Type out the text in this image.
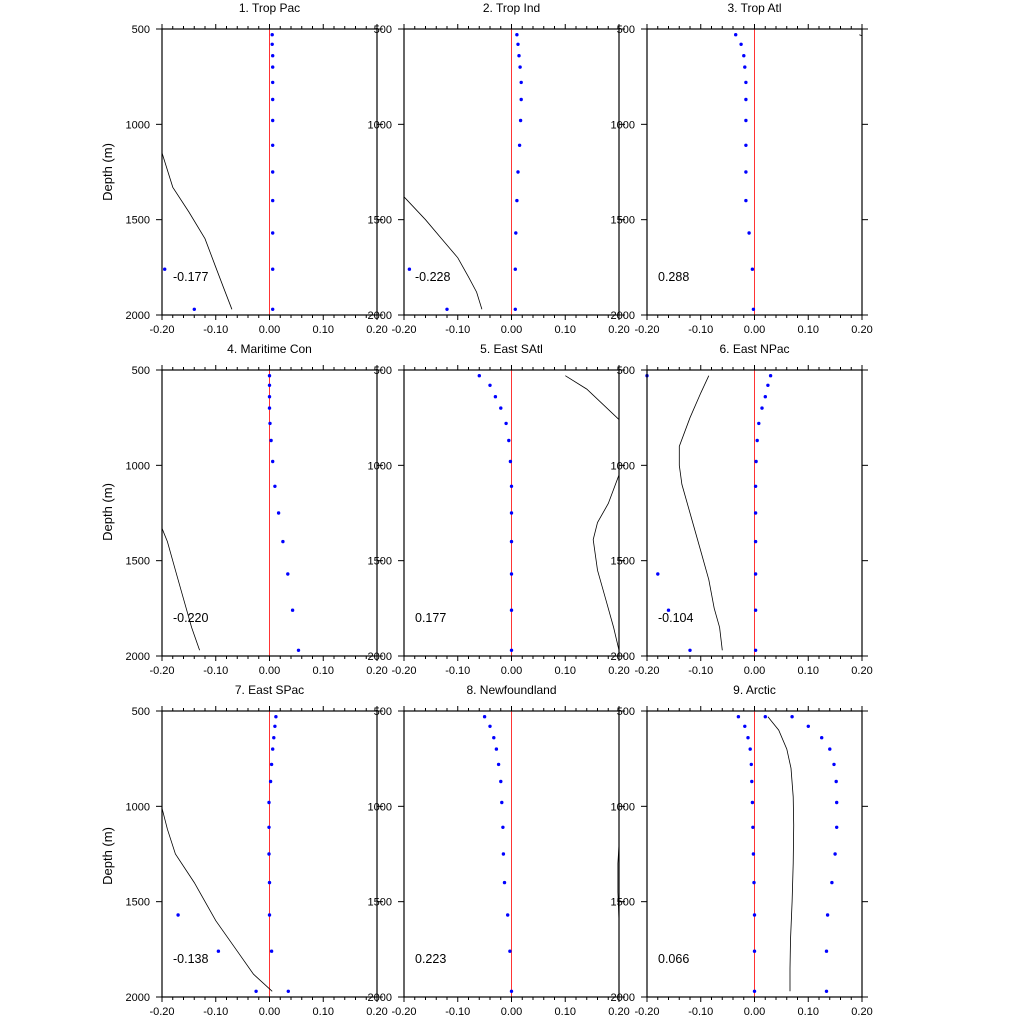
Depth (m)
Depth (m)
Depth (m)
1. Trop Pac
-0.20	-0.10	0.00	0.10	0.20
500
1000
1500
2000
-0.177
2. Trop Ind
-0.20	-0.10	0.00	0.10	0.20
500
1000
1500
2000
-0.228
3. Trop Atl
-0.20	-0.10	0.00	0.10	0.20
500
1000
1500
2000
0.288
4. Maritime Con
-0.20	-0.10	0.00	0.10	0.20
500
1000
1500
2000
-0.220
5. East SAtl
-0.20	-0.10	0.00	0.10	0.20
500
1000
1500
2000
0.177
6. East NPac
-0.20	-0.10	0.00	0.10	0.20
500
1000
1500
2000
-0.104
7. East SPac
-0.20	-0.10	0.00	0.10	0.20
500
1000
1500
2000
-0.138
8. Newfoundland
-0.20	-0.10	0.00	0.10	0.20
500
1000
1500
2000
0.223
9. Arctic
-0.20	-0.10	0.00	0.10	0.20
500
1000
1500
2000
0.066
